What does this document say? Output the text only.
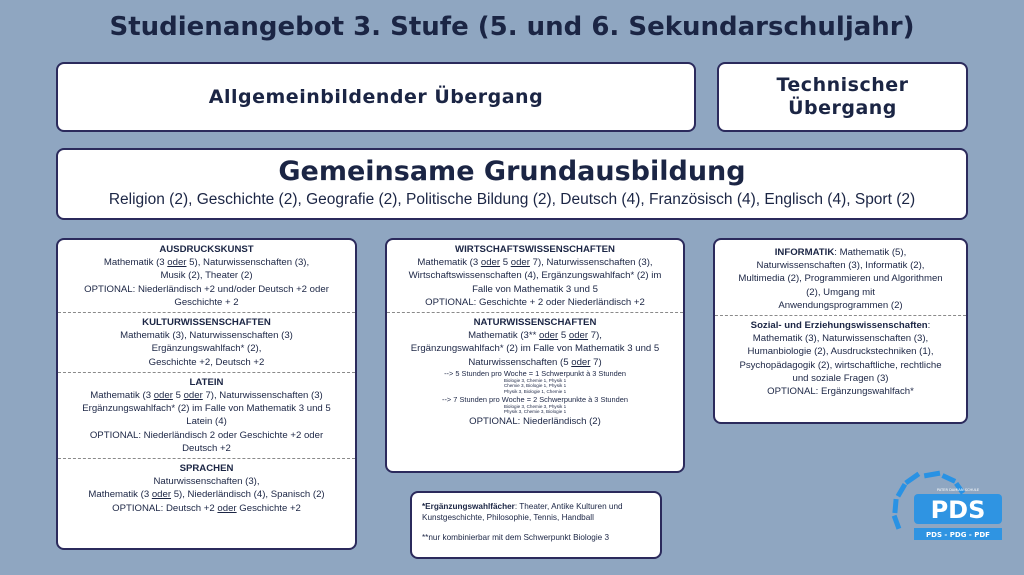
Studienangebot 3. Stufe (5. und 6. Sekundarschuljahr)
Allgemeinbildender Übergang
Technischer
Übergang
Gemeinsame Grundausbildung
Religion (2), Geschichte (2), Geografie (2), Politische Bildung (2), Deutsch (4), Französisch (4), Englisch (4), Sport (2)
AUSDRUCKSKUNST
Mathematik (3 oder 5), Naturwissenschaften (3),
Musik (2), Theater (2)
OPTIONAL: Niederländisch +2 und/oder Deutsch +2 oder
Geschichte + 2
KULTURWISSENSCHAFTEN
Mathematik (3), Naturwissenschaften (3)
Ergänzungswahlfach* (2),
Geschichte +2, Deutsch +2
LATEIN
Mathematik (3 oder 5 oder 7), Naturwissenschaften (3)
Ergänzungswahlfach* (2) im Falle von Mathematik 3 und 5
Latein (4)
OPTIONAL: Niederländisch 2 oder Geschichte +2 oder
Deutsch +2
SPRACHEN
Naturwissenschaften (3),
Mathematik (3 oder 5), Niederländisch (4), Spanisch (2)
OPTIONAL: Deutsch +2 oder Geschichte +2
WIRTSCHAFTSWISSENSCHAFTEN
Mathematik (3 oder 5 oder 7), Naturwissenschaften (3),
Wirtschaftswissenschaften (4), Ergänzungswahlfach* (2) im
Falle von Mathematik 3 und 5
OPTIONAL: Geschichte + 2 oder Niederländisch +2
NATURWISSENSCHAFTEN
Mathematik (3** oder 5 oder 7),
Ergänzungswahlfach* (2) im Falle von Mathematik 3 und 5
Naturwissenschaften (5 oder 7)
--> 5 Stunden pro Woche = 1 Schwerpunkt à 3 Stunden
Biologie 3, Chemie 1, Physik 1
Chemie 3, Biologie 1, Physik 1
Physik 3, Biologie 1, Chemie 1
--> 7 Stunden pro Woche = 2 Schwerpunkte à 3 Stunden
Biologie 3, Chemie 3, Physik 1
Physik 3, Chemie 3, Biologie 1
OPTIONAL: Niederländisch (2)
INFORMATIK: Mathematik (5),
Naturwissenschaften (3), Informatik (2),
Multimedia (2), Programmieren und Algorithmen
(2), Umgang mit
Anwendungsprogrammen (2)
Sozial- und Erziehungswissenschaften:
Mathematik (3), Naturwissenschaften (3),
Humanbiologie (2), Ausdruckstechniken (1),
Psychopädagogik (2), wirtschaftliche, rechtliche
und soziale Fragen (3)
OPTIONAL: Ergänzungswahlfach*
*Ergänzungswahlfächer: Theater, Antike Kulturen und Kunstgeschichte, Philosophie, Tennis, Handball
**nur kombinierbar mit dem Schwerpunkt Biologie 3
PDS
PDS - PDG - PDF
PATER DAMIAN SCHULE
